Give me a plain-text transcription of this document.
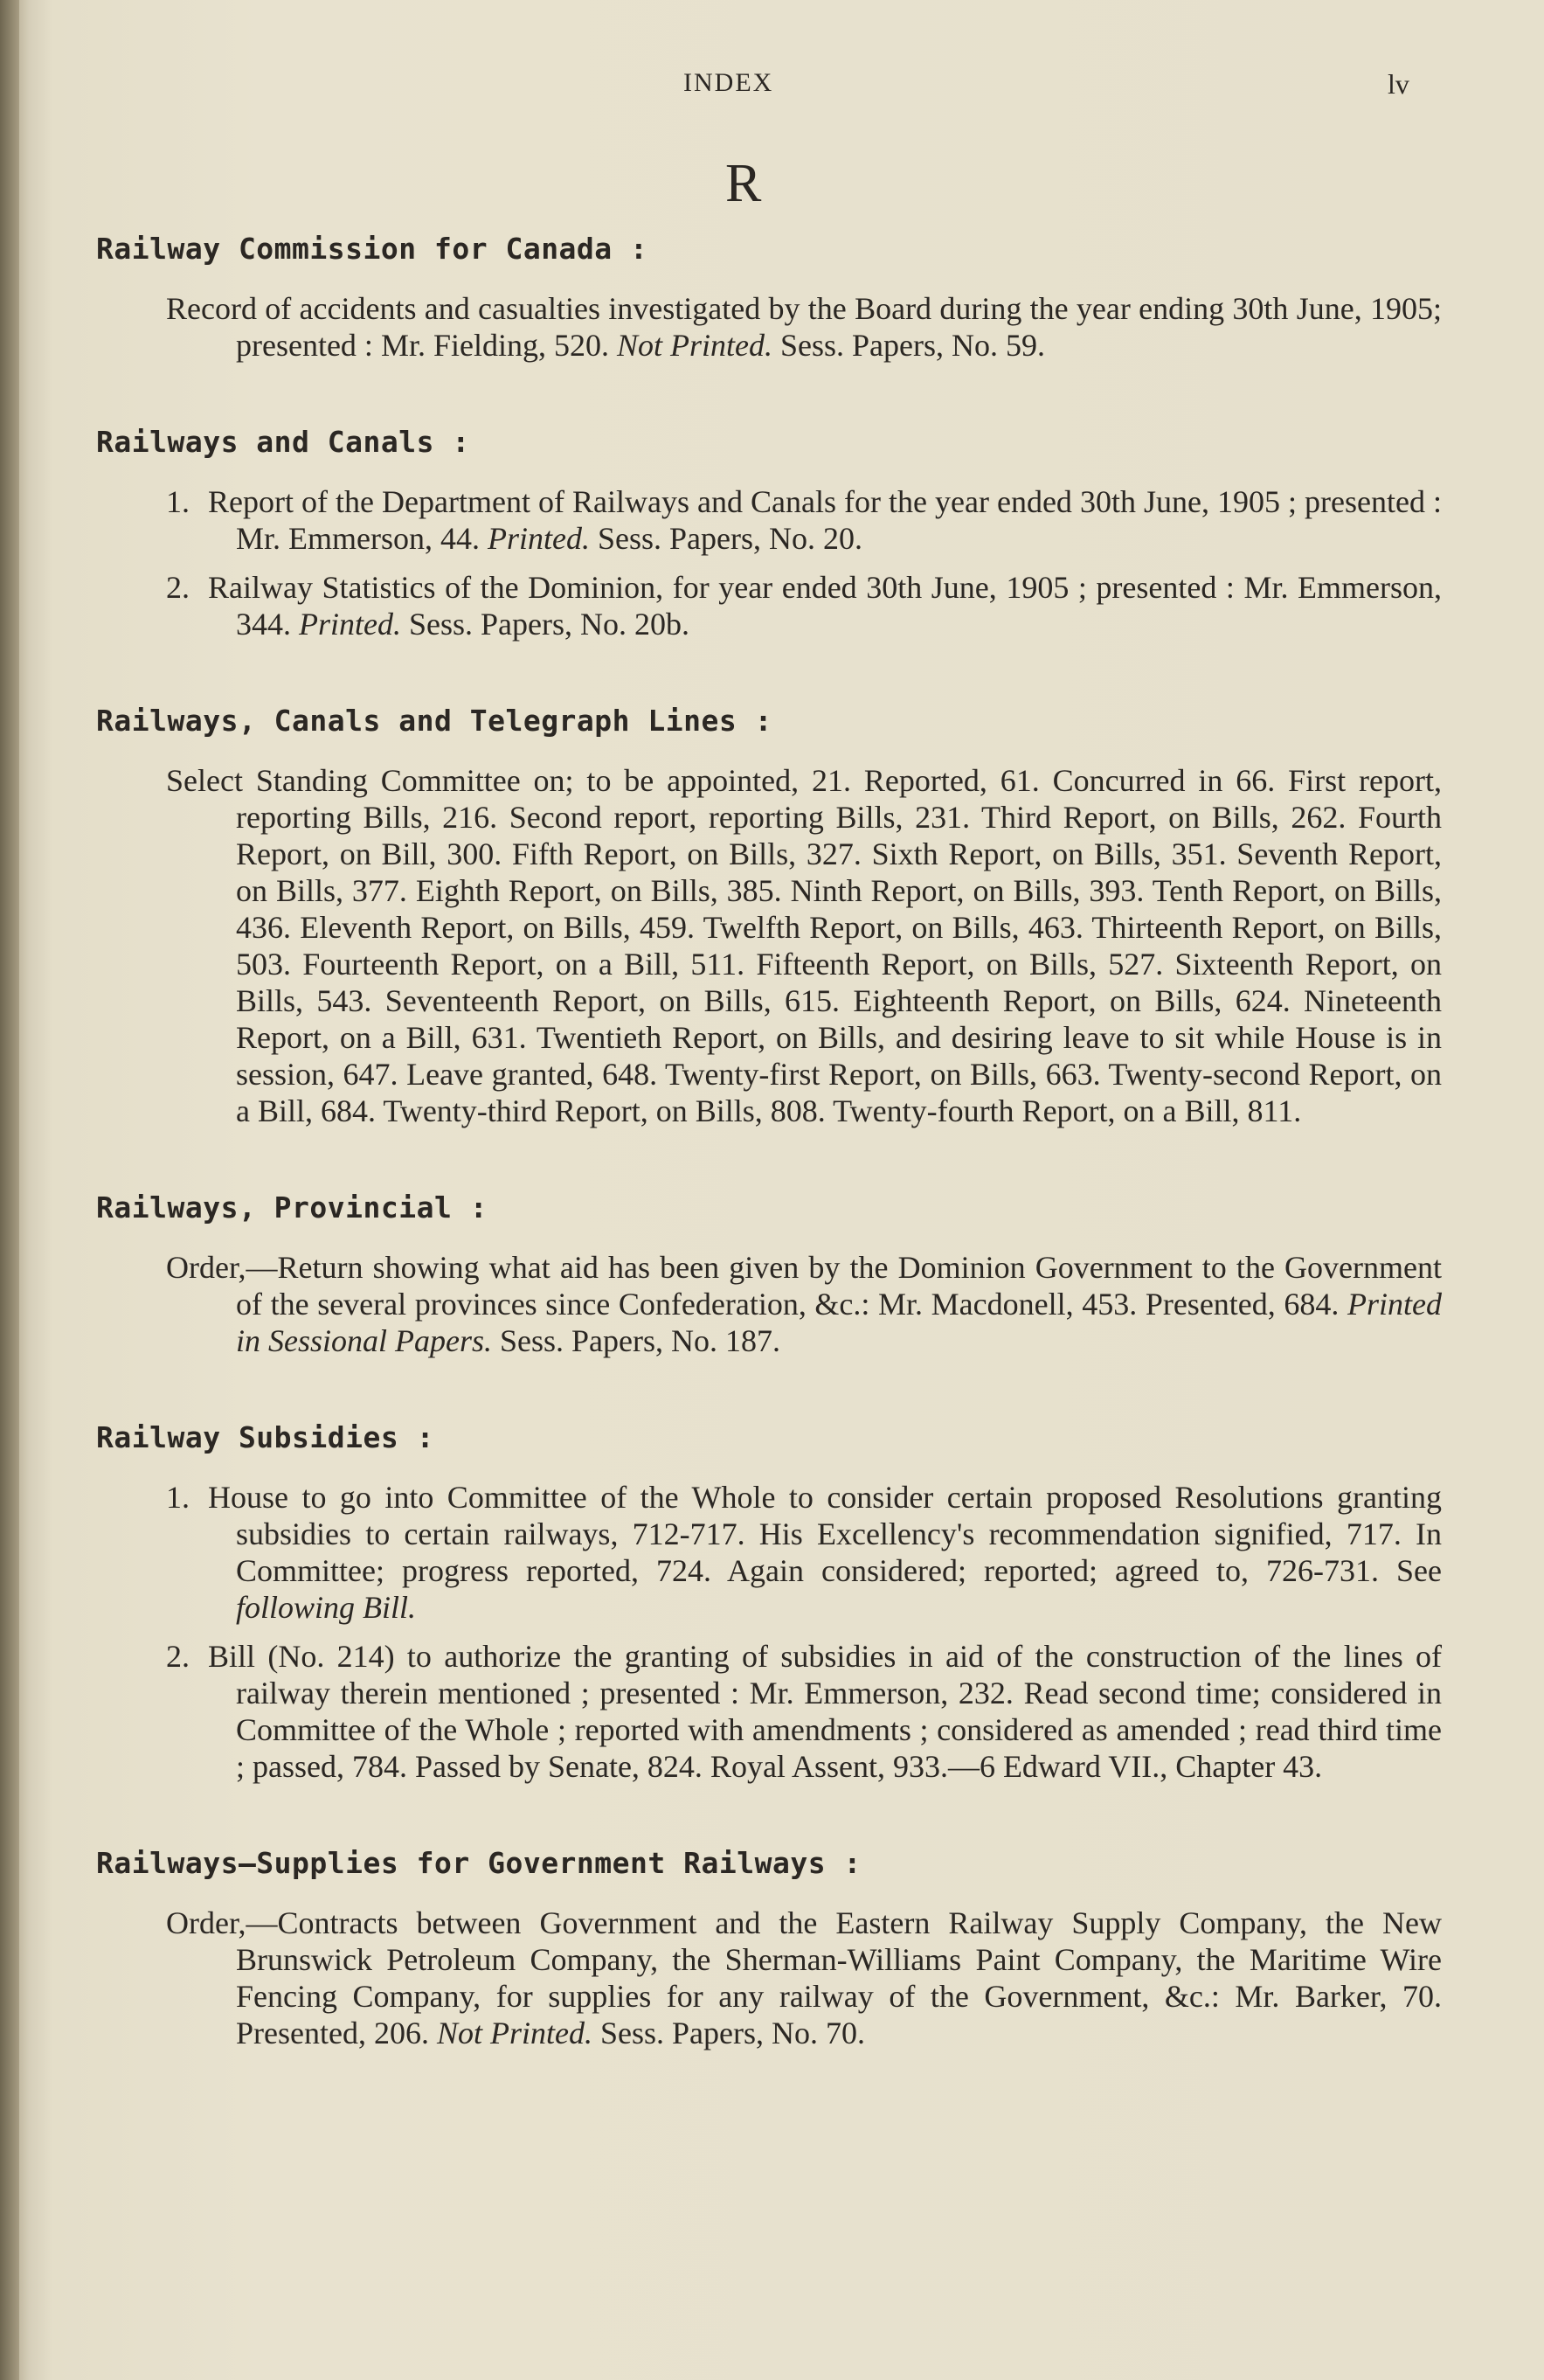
INDEX	lv
R
Railway Commission for Canada :

Record of accidents and casualties investigated by the Board during the year ending 30th June, 1905; presented : Mr. Fielding, 520. Not Printed. Sess. Papers, No. 59.

Railways and Canals :

1. Report of the Department of Railways and Canals for the year ended 30th June, 1905 ; presented : Mr. Emmerson, 44. Printed. Sess. Papers, No. 20.

2. Railway Statistics of the Dominion, for year ended 30th June, 1905 ; presented : Mr. Emmerson, 344. Printed. Sess. Papers, No. 20b.

Railways, Canals and Telegraph Lines :

Select Standing Committee on; to be appointed, 21. Reported, 61. Concurred in 66. First report, reporting Bills, 216. Second report, reporting Bills, 231. Third Report, on Bills, 262. Fourth Report, on Bill, 300. Fifth Report, on Bills, 327. Sixth Report, on Bills, 351. Seventh Report, on Bills, 377. Eighth Report, on Bills, 385. Ninth Report, on Bills, 393. Tenth Report, on Bills, 436. Eleventh Report, on Bills, 459. Twelfth Report, on Bills, 463. Thirteenth Report, on Bills, 503. Fourteenth Report, on a Bill, 511. Fifteenth Report, on Bills, 527. Sixteenth Report, on Bills, 543. Seventeenth Report, on Bills, 615. Eighteenth Report, on Bills, 624. Nineteenth Report, on a Bill, 631. Twentieth Report, on Bills, and desiring leave to sit while House is in session, 647. Leave granted, 648. Twenty-first Report, on Bills, 663. Twenty-second Report, on a Bill, 684. Twenty-third Report, on Bills, 808. Twenty-fourth Report, on a Bill, 811.

Railways, Provincial :

Order,—Return showing what aid has been given by the Dominion Government to the Government of the several provinces since Confederation, &c.: Mr. Macdonell, 453. Presented, 684. Printed in Sessional Papers. Sess. Papers, No. 187.

Railway Subsidies :

1. House to go into Committee of the Whole to consider certain proposed Resolutions granting subsidies to certain railways, 712-717. His Excellency's recommendation signified, 717. In Committee; progress reported, 724. Again considered; reported; agreed to, 726-731. See following Bill.

2. Bill (No. 214) to authorize the granting of subsidies in aid of the construction of the lines of railway therein mentioned ; presented : Mr. Emmerson, 232. Read second time; considered in Committee of the Whole ; reported with amendments ; considered as amended ; read third time ; passed, 784. Passed by Senate, 824. Royal Assent, 933.—6 Edward VII., Chapter 43.

Railways—Supplies for Government Railways :

Order,—Contracts between Government and the Eastern Railway Supply Company, the New Brunswick Petroleum Company, the Sherman-Williams Paint Company, the Maritime Wire Fencing Company, for supplies for any railway of the Government, &c.: Mr. Barker, 70. Presented, 206. Not Printed. Sess. Papers, No. 70.
